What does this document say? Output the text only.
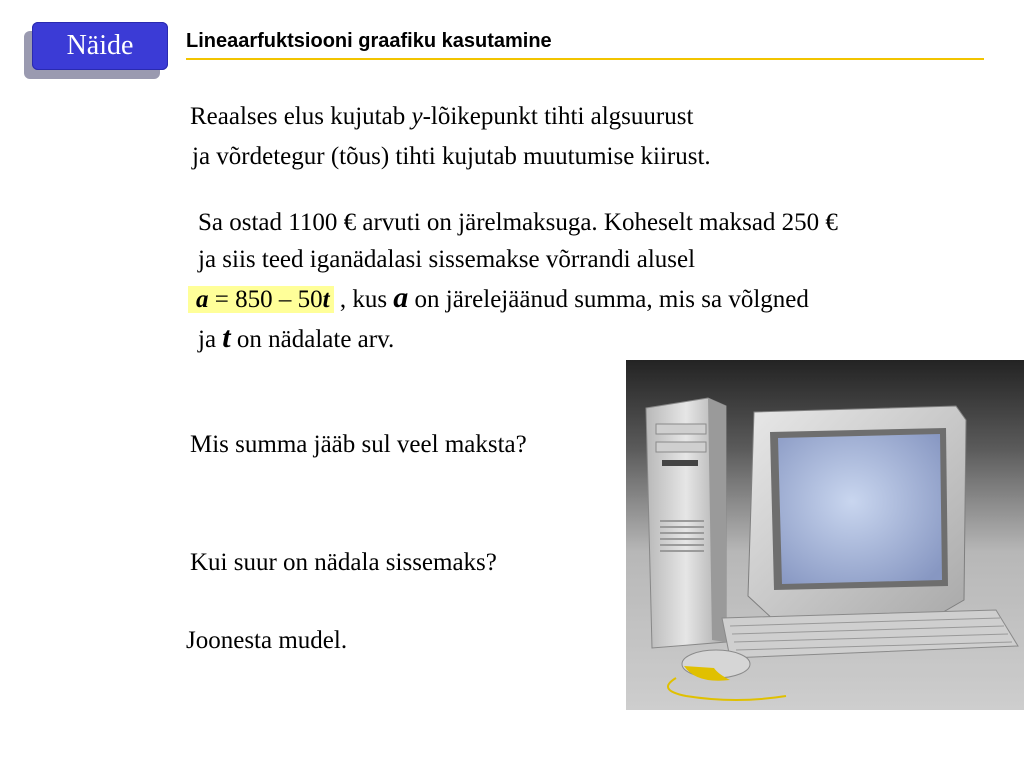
Näide	Lineaarfuktsiooni graafiku kasutamine
Reaalses elus kujutab y-lõikepunkt tihti algsuurust
ja võrdetegur (tõus) tihti kujutab muutumise kiirust.
Sa ostad 1100 € arvuti on järelmaksuga. Koheselt maksad 250 €
ja siis teed iganädalasi sissemakse võrrandi alusel
a = 850 – 50t , kus a on järelejäänud summa, mis sa võlgned
ja t on nädalate arv.
Mis summa jääb sul veel maksta?
Kui suur on nädala sissemaks?
Joonesta mudel.
